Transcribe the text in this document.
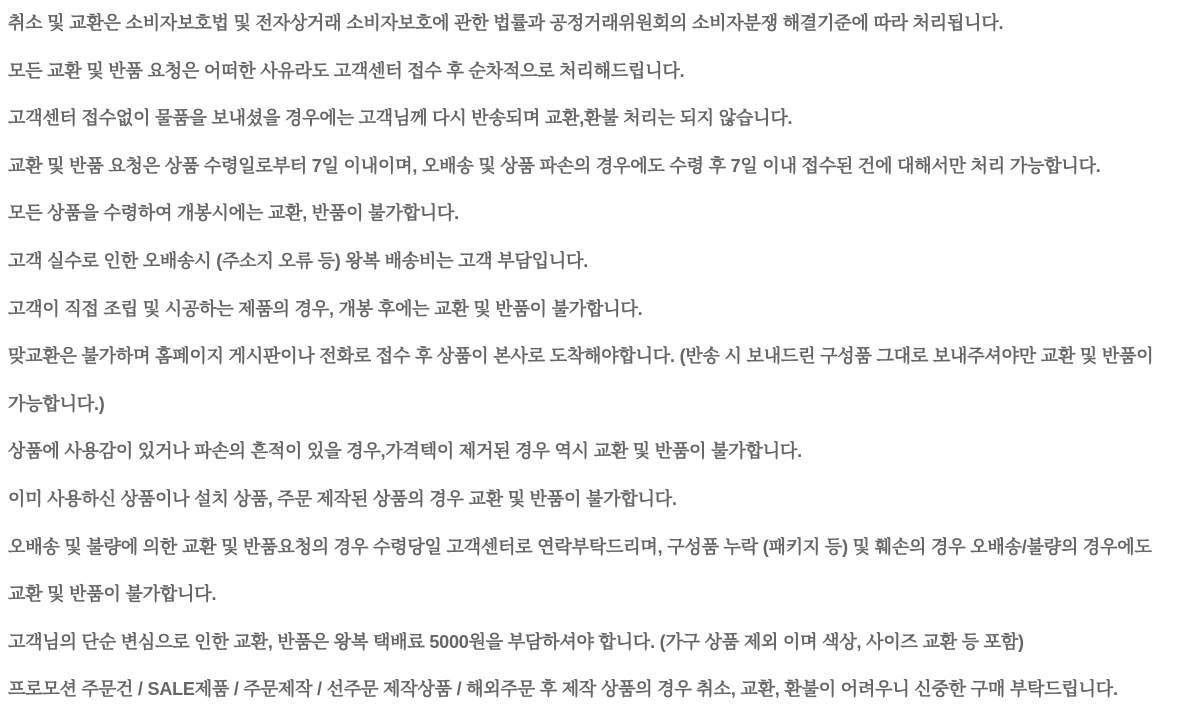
취소 및 교환은 소비자보호법 및 전자상거래 소비자보호에 관한 법률과 공정거래위원회의 소비자분쟁 해결기준에 따라 처리됩니다.

모든 교환 및 반품 요청은 어떠한 사유라도 고객센터 접수 후 순차적으로 처리해드립니다.

고객센터 접수없이 물품을 보내셨을 경우에는 고객님께 다시 반송되며 교환,환불 처리는 되지 않습니다.

교환 및 반품 요청은 상품 수령일로부터 7일 이내이며, 오배송 및 상품 파손의 경우에도 수령 후 7일 이내 접수된 건에 대해서만 처리 가능합니다.

모든 상품을 수령하여 개봉시에는 교환, 반품이 불가합니다.

고객 실수로 인한 오배송시 (주소지 오류 등) 왕복 배송비는 고객 부담입니다.

고객이 직접 조립 및 시공하는 제품의 경우, 개봉 후에는 교환 및 반품이 불가합니다.

맞교환은 불가하며 홈페이지 게시판이나 전화로 접수 후 상품이 본사로 도착해야합니다. (반송 시 보내드린 구성품 그대로 보내주셔야만 교환 및 반품이 가능합니다.)

상품에 사용감이 있거나 파손의 흔적이 있을 경우,가격텍이 제거된 경우 역시 교환 및 반품이 불가합니다.

이미 사용하신 상품이나 설치 상품, 주문 제작된 상품의 경우 교환 및 반품이 불가합니다.

오배송 및 불량에 의한 교환 및 반품요청의 경우 수령당일 고객센터로 연락부탁드리며, 구성품 누락 (패키지 등) 및 훼손의 경우 오배송/불량의 경우에도 교환 및 반품이 불가합니다.

고객님의 단순 변심으로 인한 교환, 반품은 왕복 택배료 5000원을 부담하셔야 합니다. (가구 상품 제외 이며 색상, 사이즈 교환 등 포함)

프로모션 주문건 / SALE제품 / 주문제작 / 선주문 제작상품 / 해외주문 후 제작 상품의 경우 취소, 교환, 환불이 어려우니 신중한 구매 부탁드립니다.
